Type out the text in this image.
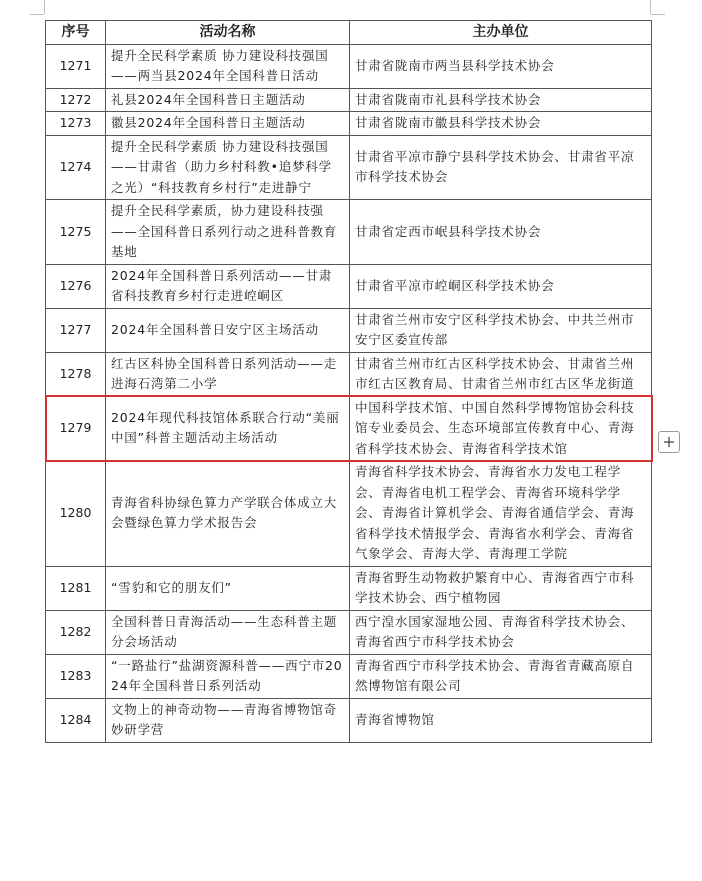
序号	活动名称	主办单位
1271	提升全民科学素质 协力建设科技强国——两当县2024年全国科普日活动	甘肃省陇南市两当县科学技术协会
1272	礼县2024年全国科普日主题活动	甘肃省陇南市礼县科学技术协会
1273	徽县2024年全国科普日主题活动	甘肃省陇南市徽县科学技术协会
1274	提升全民科学素质 协力建设科技强国——甘肃省（助力乡村科教•追梦科学之光）“科技教育乡村行”走进静宁	甘肃省平凉市静宁县科学技术协会、甘肃省平凉市科学技术协会
1275	提升全民科学素质，协力建设科技强 ——全国科普日系列行动之进科普教育基地	甘肃省定西市岷县科学技术协会
1276	2024年全国科普日系列活动——甘肃省科技教育乡村行走进崆峒区	甘肃省平凉市崆峒区科学技术协会
1277	2024年全国科普日安宁区主场活动	甘肃省兰州市安宁区科学技术协会、中共兰州市安宁区委宣传部
1278	红古区科协全国科普日系列活动——走进海石湾第二小学	甘肃省兰州市红古区科学技术协会、甘肃省兰州市红古区教育局、甘肃省兰州市红古区华龙街道
1279	2024年现代科技馆体系联合行动“美丽中国”科普主题活动主场活动	中国科学技术馆、中国自然科学博物馆协会科技馆专业委员会、生态环境部宣传教育中心、青海省科学技术协会、青海省科学技术馆
1280	青海省科协绿色算力产学联合体成立大会暨绿色算力学术报告会	青海省科学技术协会、青海省水力发电工程学会、青海省电机工程学会、青海省环境科学学会、青海省计算机学会、青海省通信学会、青海省科学技术情报学会、青海省水利学会、青海省气象学会、青海大学、青海理工学院
1281	“雪豹和它的朋友们”	青海省野生动物救护繁育中心、青海省西宁市科学技术协会、西宁植物园
1282	全国科普日青海活动——生态科普主题分会场活动	西宁湟水国家湿地公园、青海省科学技术协会、青海省西宁市科学技术协会
1283	“一路盐行”盐湖资源科普——西宁市2024年全国科普日系列活动	青海省西宁市科学技术协会、青海省青藏高原自然博物馆有限公司
1284	文物上的神奇动物——青海省博物馆奇妙研学营	青海省博物馆
